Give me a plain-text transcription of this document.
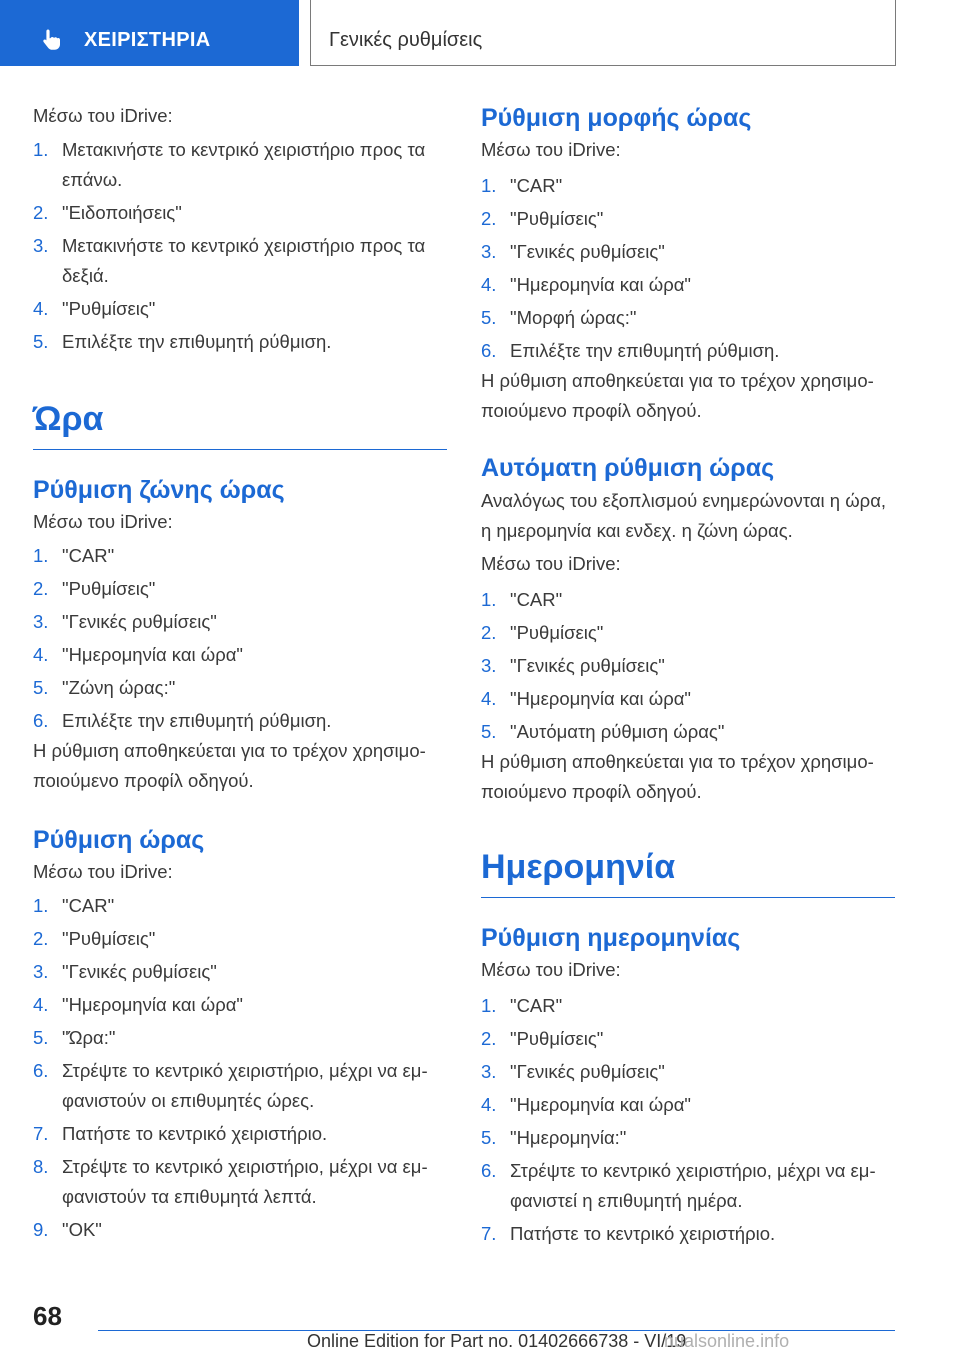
ΧΕΙΡΙΣΤΗΡΙΑ	Γενικές ρυθμίσεις
Μέσω του iDrive:
1. Μετακινήστε το κεντρικό χειριστήριο προς τα επάνω.
2. "Ειδοποιήσεις"
3. Μετακινήστε το κεντρικό χειριστήριο προς τα δεξιά.
4. "Ρυθμίσεις"
5. Επιλέξτε την επιθυμητή ρύθμιση.
Ώρα
Ρύθμιση ζώνης ώρας
Μέσω του iDrive:
1. "CAR"
2. "Ρυθμίσεις"
3. "Γενικές ρυθμίσεις"
4. "Ημερομηνία και ώρα"
5. "Ζώνη ώρας:"
6. Επιλέξτε την επιθυμητή ρύθμιση.
Η ρύθμιση αποθηκεύεται για το τρέχον χρησιμοποιούμενο προφίλ οδηγού.
Ρύθμιση ώρας
Μέσω του iDrive:
1. "CAR"
2. "Ρυθμίσεις"
3. "Γενικές ρυθμίσεις"
4. "Ημερομηνία και ώρα"
5. "Ώρα:"
6. Στρέψτε το κεντρικό χειριστήριο, μέχρι να εμφανιστούν οι επιθυμητές ώρες.
7. Πατήστε το κεντρικό χειριστήριο.
8. Στρέψτε το κεντρικό χειριστήριο, μέχρι να εμφανιστούν τα επιθυμητά λεπτά.
9. "OK"
Ρύθμιση μορφής ώρας
Μέσω του iDrive:
1. "CAR"
2. "Ρυθμίσεις"
3. "Γενικές ρυθμίσεις"
4. "Ημερομηνία και ώρα"
5. "Μορφή ώρας:"
6. Επιλέξτε την επιθυμητή ρύθμιση.
Η ρύθμιση αποθηκεύεται για το τρέχον χρησιμοποιούμενο προφίλ οδηγού.
Αυτόματη ρύθμιση ώρας
Αναλόγως του εξοπλισμού ενημερώνονται η ώρα, η ημερομηνία και ενδεχ. η ζώνη ώρας.
Μέσω του iDrive:
1. "CAR"
2. "Ρυθμίσεις"
3. "Γενικές ρυθμίσεις"
4. "Ημερομηνία και ώρα"
5. "Αυτόματη ρύθμιση ώρας"
Η ρύθμιση αποθηκεύεται για το τρέχον χρησιμοποιούμενο προφίλ οδηγού.
Ημερομηνία
Ρύθμιση ημερομηνίας
Μέσω του iDrive:
1. "CAR"
2. "Ρυθμίσεις"
3. "Γενικές ρυθμίσεις"
4. "Ημερομηνία και ώρα"
5. "Ημερομηνία:"
6. Στρέψτε το κεντρικό χειριστήριο, μέχρι να εμφανιστεί η επιθυμητή ημέρα.
7. Πατήστε το κεντρικό χειριστήριο.
68
Online Edition for Part no. 01402666738 - VI/19
nualsonline.info
